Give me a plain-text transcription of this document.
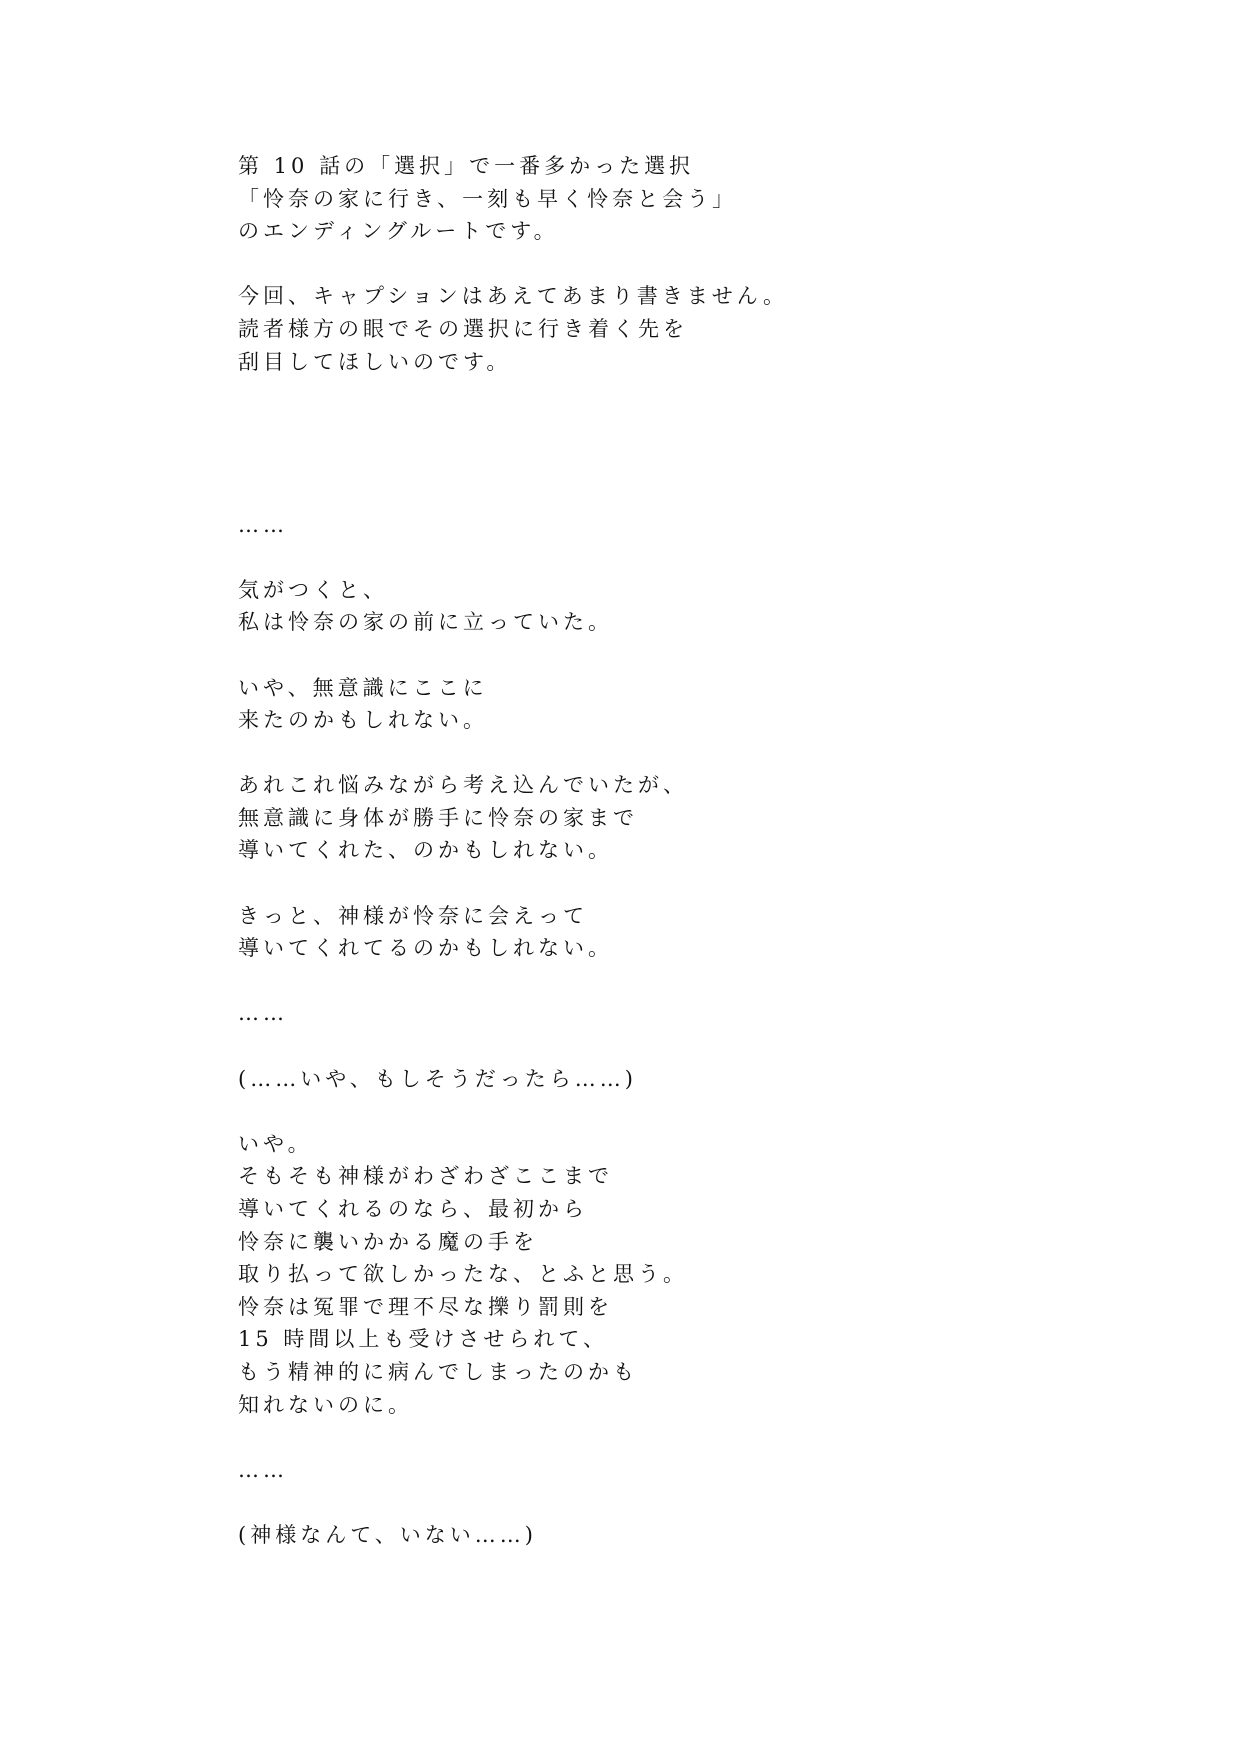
第 10 話の「選択」で一番多かった選択
「怜奈の家に行き、一刻も早く怜奈と会う」
のエンディングルートです。
今回、キャプションはあえてあまり書きません。
読者様方の眼でその選択に行き着く先を
刮目してほしいのです。
……
気がつくと、
私は怜奈の家の前に立っていた。
いや、無意識にここに
来たのかもしれない。
あれこれ悩みながら考え込んでいたが、
無意識に身体が勝手に怜奈の家まで
導いてくれた、のかもしれない。
きっと、神様が怜奈に会えって
導いてくれてるのかもしれない。
……
(……いや、もしそうだったら……)
いや。
そもそも神様がわざわざここまで
導いてくれるのなら、最初から
怜奈に襲いかかる魔の手を
取り払って欲しかったな、とふと思う。
怜奈は冤罪で理不尽な擽り罰則を
15 時間以上も受けさせられて、
もう精神的に病んでしまったのかも
知れないのに。
……
(神様なんて、いない……)
